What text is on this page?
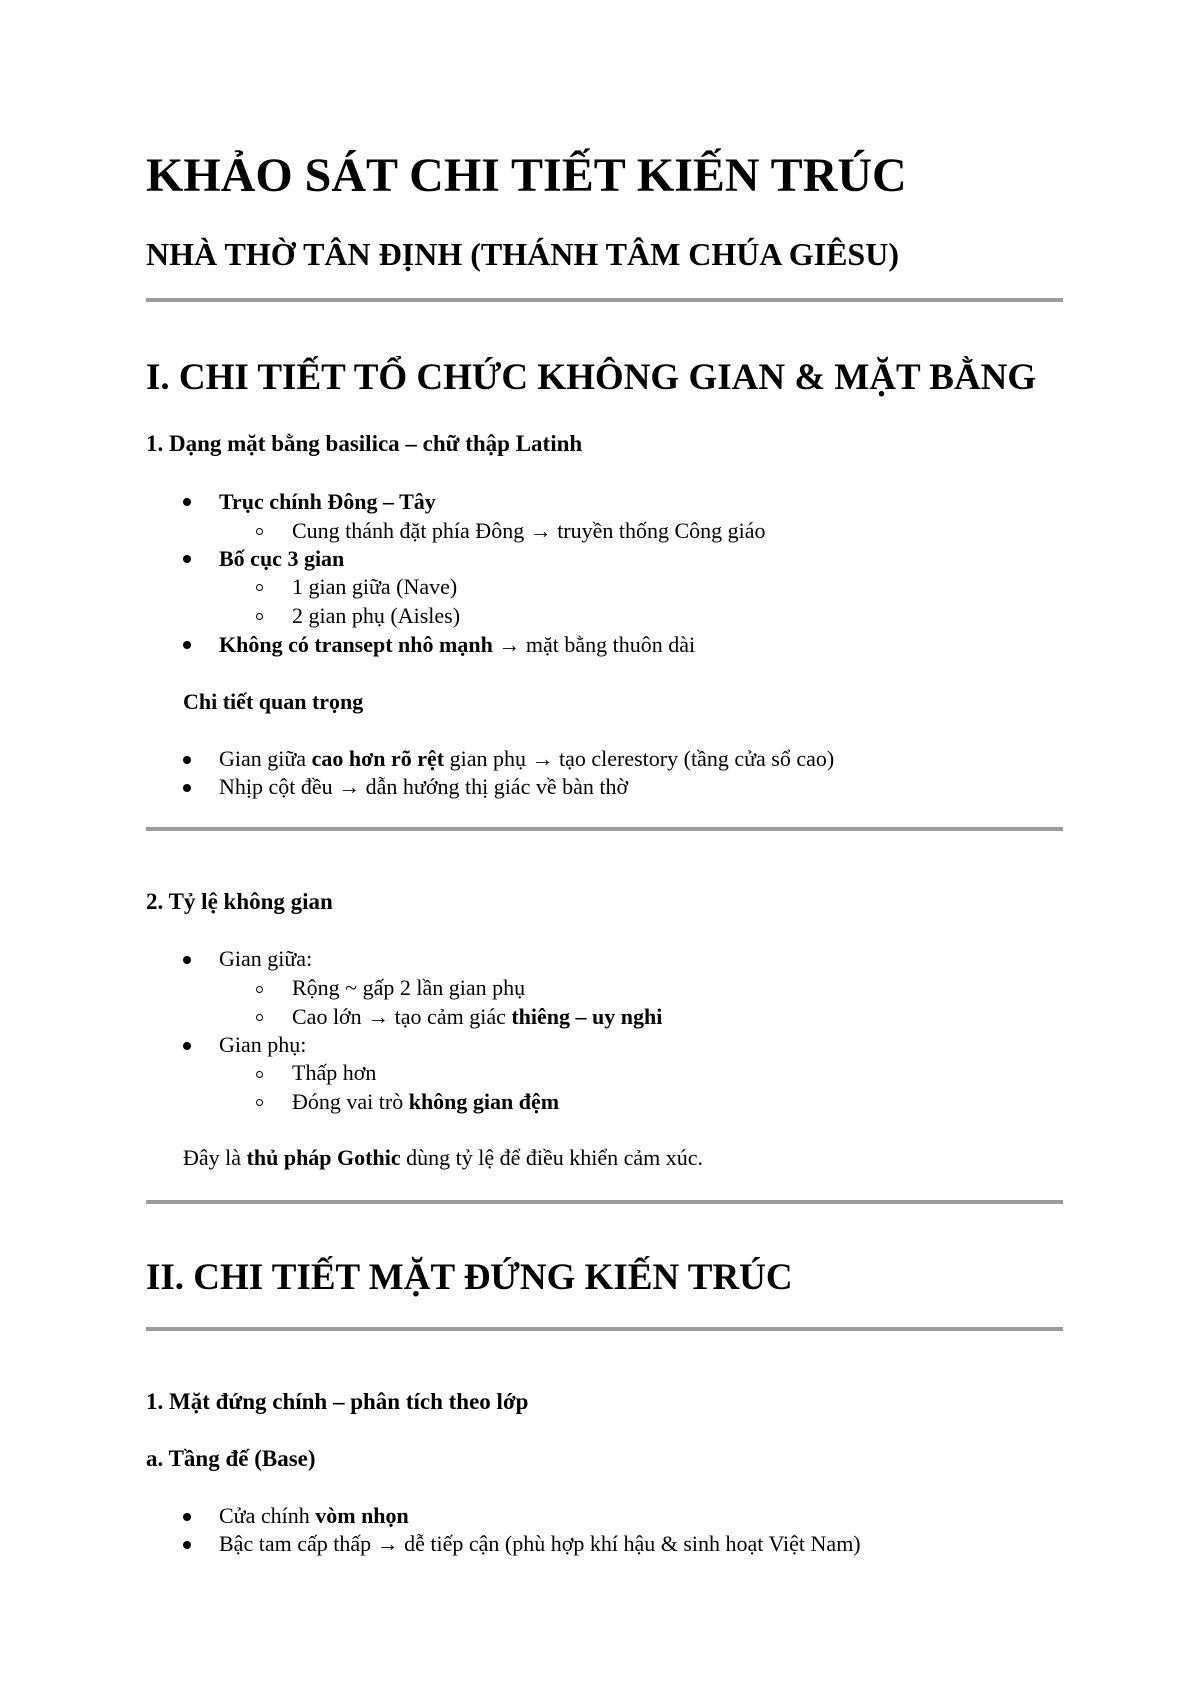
KHẢO SÁT CHI TIẾT KIẾN TRÚC
NHÀ THỜ TÂN ĐỊNH (THÁNH TÂM CHÚA GIÊSU)
I. CHI TIẾT TỔ CHỨC KHÔNG GIAN & MẶT BẰNG
1. Dạng mặt bằng basilica – chữ thập Latinh
Trục chính Đông – Tây
Cung thánh đặt phía Đông → truyền thống Công giáo
Bố cục 3 gian
1 gian giữa (Nave)
2 gian phụ (Aisles)
Không có transept nhô mạnh → mặt bằng thuôn dài
Chi tiết quan trọng
Gian giữa cao hơn rõ rệt gian phụ → tạo clerestory (tầng cửa sổ cao)
Nhịp cột đều → dẫn hướng thị giác về bàn thờ
2. Tỷ lệ không gian
Gian giữa:
Rộng ~ gấp 2 lần gian phụ
Cao lớn → tạo cảm giác thiêng – uy nghi
Gian phụ:
Thấp hơn
Đóng vai trò không gian đệm
Đây là thủ pháp Gothic dùng tỷ lệ để điều khiển cảm xúc.
II. CHI TIẾT MẶT ĐỨNG KIẾN TRÚC
1. Mặt đứng chính – phân tích theo lớp
a. Tầng đế (Base)
Cửa chính vòm nhọn
Bậc tam cấp thấp → dễ tiếp cận (phù hợp khí hậu & sinh hoạt Việt Nam)
